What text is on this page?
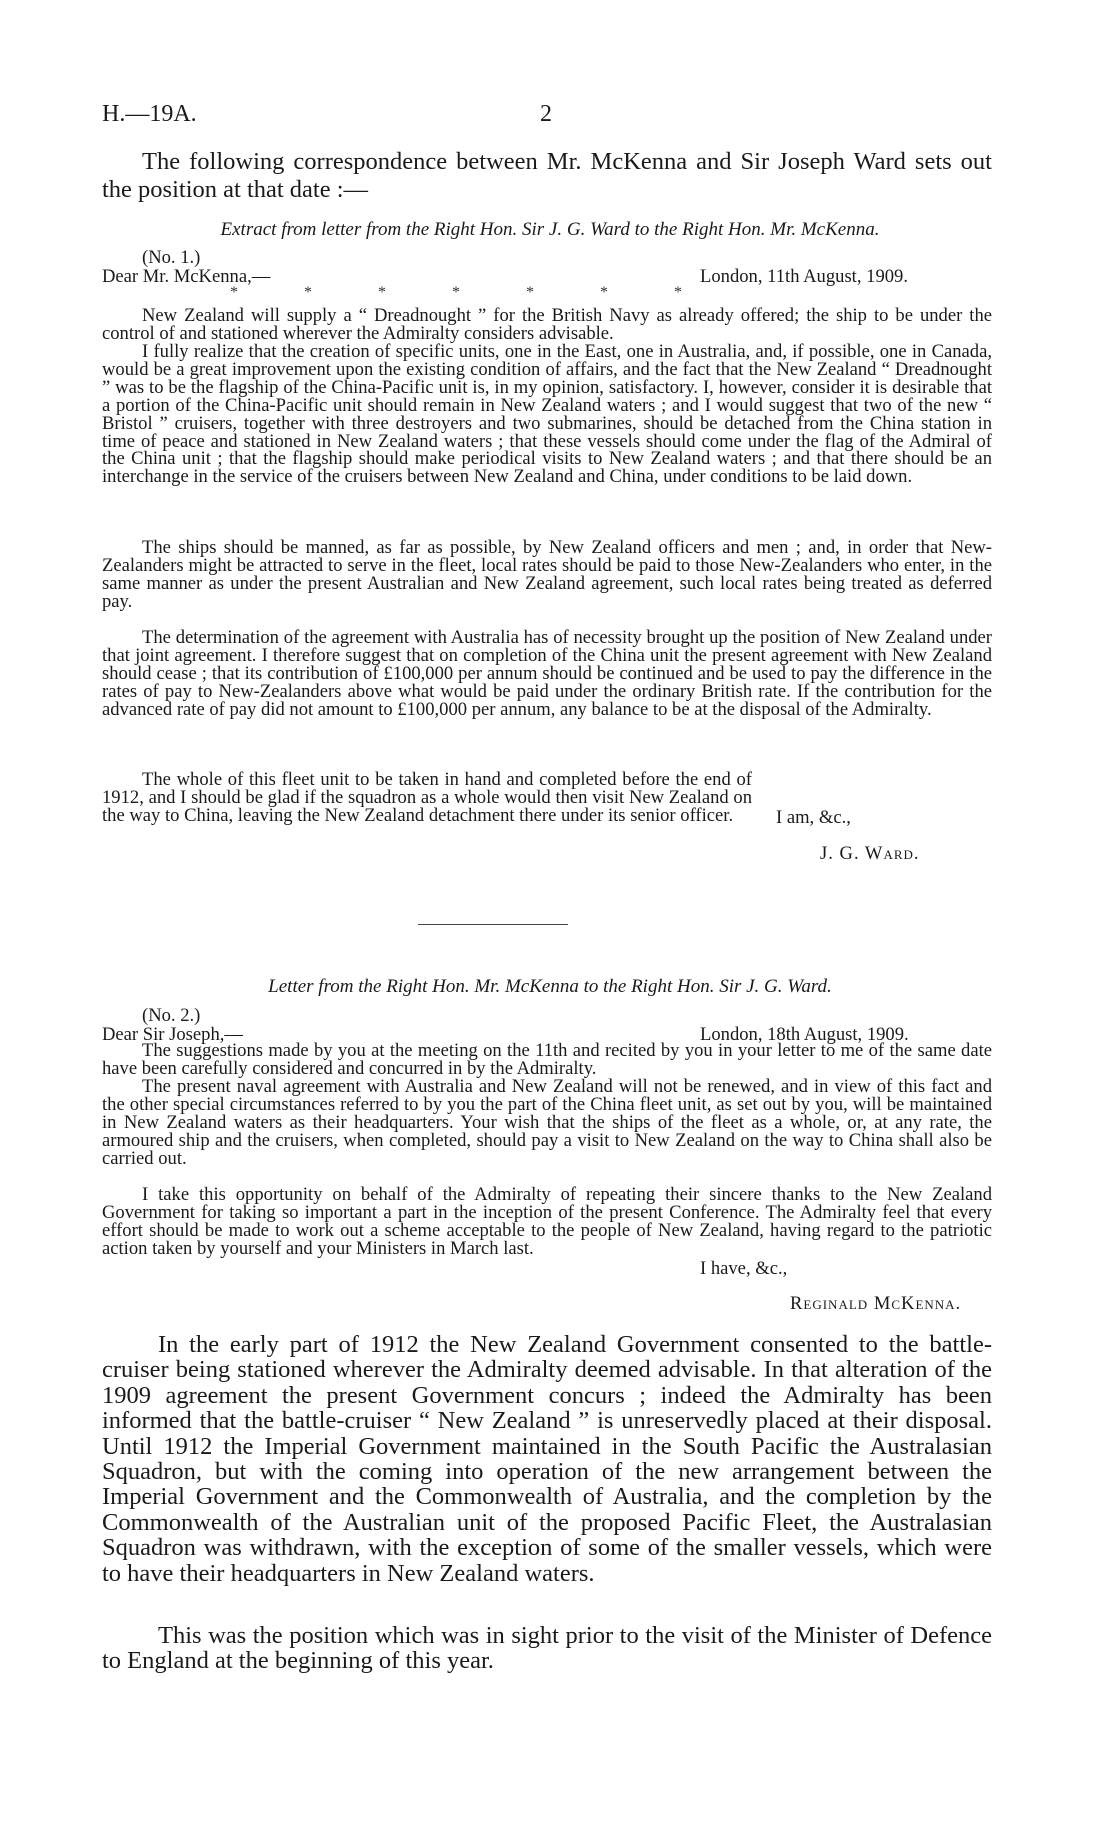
H.—19A.	2
The following correspondence between Mr. McKenna and Sir Joseph Ward sets out the position at that date :—
Extract from letter from the Right Hon. Sir J. G. Ward to the Right Hon. Mr. McKenna.
(No. 1.)
Dear Mr. McKenna,—	London, 11th August, 1909.
* * * * * * *
New Zealand will supply a “ Dreadnought ” for the British Navy as already offered; the ship to be under the control of and stationed wherever the Admiralty considers advisable.
I fully realize that the creation of specific units, one in the East, one in Australia, and, if possible, one in Canada, would be a great improvement upon the existing condition of affairs, and the fact that the New Zealand “ Dreadnought ” was to be the flagship of the China-Pacific unit is, in my opinion, satisfactory. I, however, consider it is desirable that a portion of the China-Pacific unit should remain in New Zealand waters ; and I would suggest that two of the new “ Bristol ” cruisers, together with three destroyers and two submarines, should be detached from the China station in time of peace and stationed in New Zealand waters ; that these vessels should come under the flag of the Admiral of the China unit ; that the flagship should make periodical visits to New Zealand waters ; and that there should be an interchange in the service of the cruisers between New Zealand and China, under conditions to be laid down.
The ships should be manned, as far as possible, by New Zealand officers and men ; and, in order that New-Zealanders might be attracted to serve in the fleet, local rates should be paid to those New-Zealanders who enter, in the same manner as under the present Australian and New Zealand agreement, such local rates being treated as deferred pay.
The determination of the agreement with Australia has of necessity brought up the position of New Zealand under that joint agreement. I therefore suggest that on completion of the China unit the present agreement with New Zealand should cease ; that its contribution of £100,000 per annum should be continued and be used to pay the difference in the rates of pay to New-Zealanders above what would be paid under the ordinary British rate. If the contribution for the advanced rate of pay did not amount to £100,000 per annum, any balance to be at the disposal of the Admiralty.
The whole of this fleet unit to be taken in hand and completed before the end of 1912, and I should be glad if the squadron as a whole would then visit New Zealand on the way to China, leaving the New Zealand detachment there under its senior officer.	I am, &c.,
J. G. Ward.
Letter from the Right Hon. Mr. McKenna to the Right Hon. Sir J. G. Ward.
(No. 2.)
Dear Sir Joseph,—	London, 18th August, 1909.
The suggestions made by you at the meeting on the 11th and recited by you in your letter to me of the same date have been carefully considered and concurred in by the Admiralty.
The present naval agreement with Australia and New Zealand will not be renewed, and in view of this fact and the other special circumstances referred to by you the part of the China fleet unit, as set out by you, will be maintained in New Zealand waters as their headquarters. Your wish that the ships of the fleet as a whole, or, at any rate, the armoured ship and the cruisers, when completed, should pay a visit to New Zealand on the way to China shall also be carried out.
I take this opportunity on behalf of the Admiralty of repeating their sincere thanks to the New Zealand Government for taking so important a part in the inception of the present Conference. The Admiralty feel that every effort should be made to work out a scheme acceptable to the people of New Zealand, having regard to the patriotic action taken by yourself and your Ministers in March last.
I have, &c.,
Reginald McKenna.
In the early part of 1912 the New Zealand Government consented to the battle-cruiser being stationed wherever the Admiralty deemed advisable. In that alteration of the 1909 agreement the present Government concurs ; indeed the Admiralty has been informed that the battle-cruiser “ New Zealand ” is unreservedly placed at their disposal. Until 1912 the Imperial Government maintained in the South Pacific the Australasian Squadron, but with the coming into operation of the new arrangement between the Imperial Government and the Commonwealth of Australia, and the completion by the Commonwealth of the Australian unit of the proposed Pacific Fleet, the Australasian Squadron was withdrawn, with the exception of some of the smaller vessels, which were to have their headquarters in New Zealand waters.
This was the position which was in sight prior to the visit of the Minister of Defence to England at the beginning of this year.
